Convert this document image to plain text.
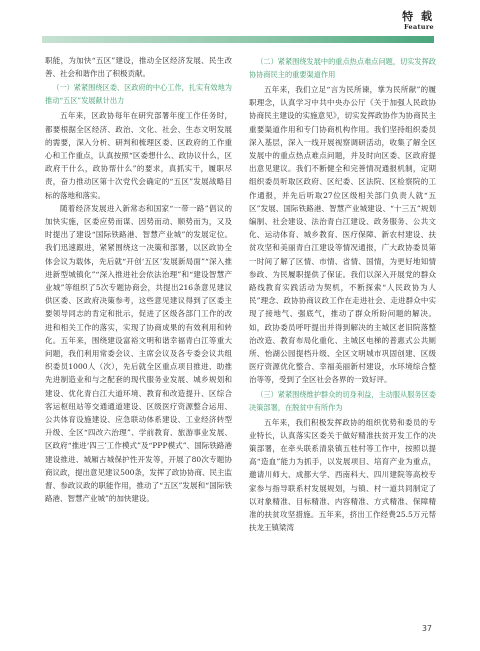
特 载
Feature

职能，为加快“五区”建设，推动全区经济发展、民生改善、社会和谐作出了积极贡献。

（一）紧紧围绕区委、区政府的中心工作，扎实有效地为推动“五区”发展献计出力

五年来，区政协每年在研究部署年度工作任务时，都要根据全区经济、政治、文化、社会、生态文明发展的需要，深入分析、研判和梳理区委、区政府的工作重心和工作重点，认真按照“区委想什么、政协议什么，区政府干什么，政协帮什么”的要求，真抓实干，履职尽责，奋力推动区第十次党代会确定的“五区”发展战略目标的落地和落实。

随着经济发展进入新常态和国家“一带一路”倡议的加快实施，区委应势而谋、因势而动、顺势而为，又及时提出了建设“国际铁路港、智慧产业城”的发展定位。我们迅速跟进，紧紧围绕这一决策和部署，以区政协全体会议为载体，先后就“开创‘五区’发展新局面”“深入推进新型城镇化”“深入推进社会依法治理”和“建设智慧产业城”等组织了5次专题协商会，共提出216条意见建议供区委、区政府决策参考，这些意见建议得到了区委主要领导同志的肯定和批示，促进了区级各部门工作的改进和相关工作的落实，实现了协商成果的有效利用和转化。五年来，围绕建设富裕文明和谐幸福青白江等重大问题，我们利用常委会议、主席会议及各专委会议共组织委员1000人（次），先后就全区重点项目推进、助推先进制造业和与之配套的现代服务业发展、城乡规划和建设、优化青白江大道环境、教育和改造提升、区综合客运枢纽站等交通通道建设、区级医疗资源整合运用、公共体育设施建设、应急联动体系建设、工业经济转型升级、全区“四改六治理”、学前教育、旅游事业发展、区政府“推进‘四三’工作模式”及“PPP模式”、国际铁路港建设推进、城厢古城保护性开发等，开展了80次专题协商议政，提出意见建议500条，发挥了政协协商、民主监督、参政议政的职能作用，推动了“五区”发展和“国际铁路港、智慧产业城”的加快建设。

（二）紧紧围绕发展中的重点热点难点问题，切实发挥政协协商民主的重要渠道作用

五年来，我们立足“言为民所谏，掌为民所献”的履职理念，认真学习中共中央办公厅《关于加强人民政协协商民主建设的实施意见》，切实发挥政协作为协商民主重要渠道作用和专门协商机构作用。我们坚持组织委员深入基层，深入一线开展视察调研活动，收集了解全区发展中的重点热点难点问题，并及时向区委、区政府提出意见建议。我们不断健全和完善情况通报机制，定期组织委员听取区政府、区纪委、区法院、区检察院的工作通报，并先后听取27位区级相关部门负责人就“五区”发展、国际铁路港、智慧产业城建设、“十三五”规划编制、社会建设、法治青白江建设、政务服务、公共文化、运动体育、城乡教育、医疗保障、新农村建设、扶贫攻坚和美丽青白江建设等情况通报，广大政协委员第一时间了解了区情、市情、省情、国情，为更好地知情参政、为民履职提供了保证。我们以深入开展党的群众路线教育实践活动为契机，不断探索“人民政协为人民”理念、政协协商议政工作在走进社会、走进群众中实现了接地气、强底气，推动了群众所盼问题的解决。如，政协委员呼吁提出并得到解决的主城区老旧院落整治改造、教育布局化重化、主城区电梯的普惠式公共厕所、怡湖公园提档升级、全区文明城市巩固创建、区级医疗资源优化整合、幸福美丽新村建设，水环境综合整治等等，受到了全区社会各界的一致好评。

（三）紧紧围绕维护群众的切身利益，主动服从服务区委决策部署，在脱贫中有所作为

五年来，我们积极发挥政协的组织优势和委员的专业特长，认真落实区委关于做好精准扶贫开发工作的决策部署，在牵头联系清泉镇五桂村等工作中，按照以提高“造血”能力为抓手，以发展项目、培育产业为重点，邀请川师大、成都大学、西南科大、四川建院等高校专家参与指导联系村发展规划，与镇、村一道共同制定了以对象精准、目标精准、内容精准、方式精准、保障精准的扶贫攻坚措施。五年来，挤出工作经费25.5万元帮扶龙王镇梁湾

37
